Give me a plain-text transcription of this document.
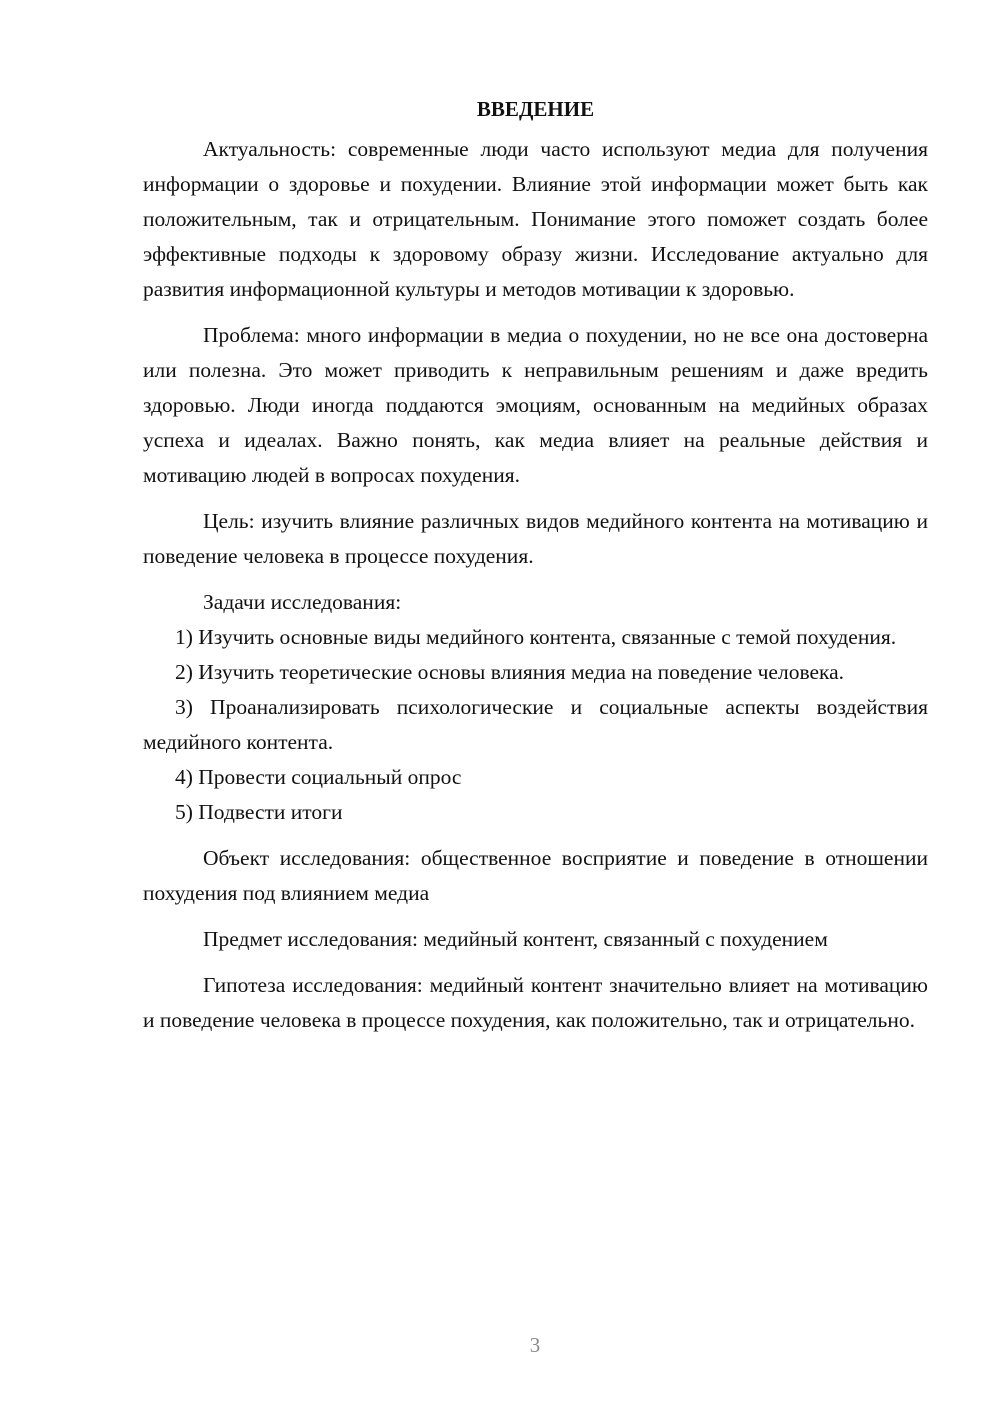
ВВЕДЕНИЕ

Актуальность: современные люди часто используют медиа для получения информации о здоровье и похудении. Влияние этой информации может быть как положительным, так и отрицательным. Понимание этого поможет создать более эффективные подходы к здоровому образу жизни. Исследование актуально для развития информационной культуры и методов мотивации к здоровью.

Проблема: много информации в медиа о похудении, но не все она достоверна или полезна. Это может приводить к неправильным решениям и даже вредить здоровью. Люди иногда поддаются эмоциям, основанным на медийных образах успеха и идеалах. Важно понять, как медиа влияет на реальные действия и мотивацию людей в вопросах похудения.

Цель: изучить влияние различных видов медийного контента на мотивацию и поведение человека в процессе похудения.

Задачи исследования:

1) Изучить основные виды медийного контента, связанные с темой похудения.

2) Изучить теоретические основы влияния медиа на поведение человека.

3) Проанализировать психологические и социальные аспекты воздействия медийного контента.

4) Провести социальный опрос

5) Подвести итоги

Объект исследования: общественное восприятие и поведение в отношении похудения под влиянием медиа

Предмет исследования: медийный контент, связанный с похудением

Гипотеза исследования: медийный контент значительно влияет на мотивацию и поведение человека в процессе похудения, как положительно, так и отрицательно.

3
